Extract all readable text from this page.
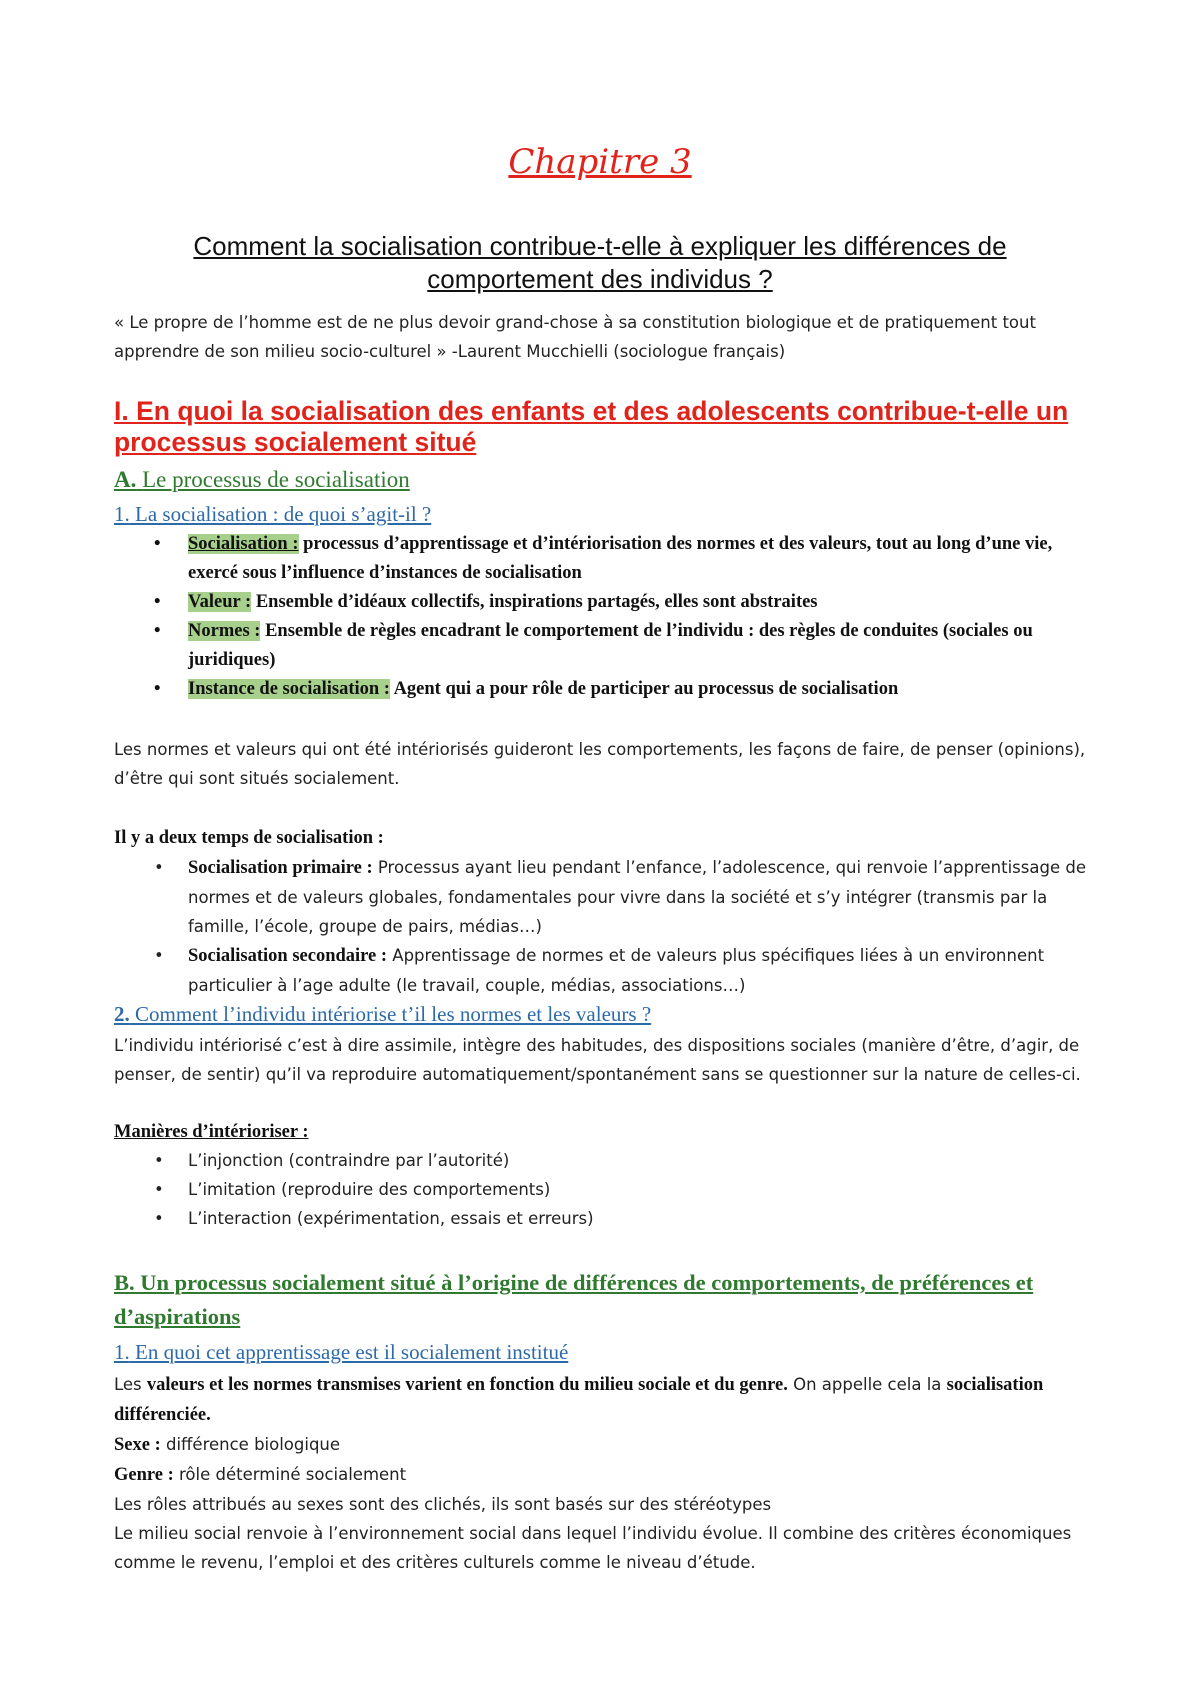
Chapitre 3
Comment la socialisation contribue-t-elle à expliquer les différences de comportement des individus ?
« Le propre de l’homme est de ne plus devoir grand-chose à sa constitution biologique et de pratiquement tout apprendre de son milieu socio-culturel » -Laurent Mucchielli (sociologue français)
I. En quoi la socialisation des enfants et des adolescents contribue-t-elle un processus socialement situé
A. Le processus de socialisation
1. La socialisation : de quoi s’agit-il ?
• Socialisation : processus d’apprentissage et d’intériorisation des normes et des valeurs, tout au long d’une vie, exercé sous l’influence d’instances de socialisation
• Valeur : Ensemble d’idéaux collectifs, inspirations partagés, elles sont abstraites
• Normes : Ensemble de règles encadrant le comportement de l’individu : des règles de conduites (sociales ou juridiques)
• Instance de socialisation : Agent qui a pour rôle de participer au processus de socialisation
Les normes et valeurs qui ont été intériorisés guideront les comportements, les façons de faire, de penser (opinions), d’être qui sont situés socialement.
Il y a deux temps de socialisation :
• Socialisation primaire : Processus ayant lieu pendant l’enfance, l’adolescence, qui renvoie l’apprentissage de normes et de valeurs globales, fondamentales pour vivre dans la société et s’y intégrer (transmis par la famille, l’école, groupe de pairs, médias…)
• Socialisation secondaire : Apprentissage de normes et de valeurs plus spécifiques liées à un environnent particulier à l’age adulte (le travail, couple, médias, associations…)
2. Comment l’individu intériorise t’il les normes et les valeurs ?
L’individu intériorisé c’est à dire assimile, intègre des habitudes, des dispositions sociales (manière d’être, d’agir, de penser, de sentir) qu’il va reproduire automatiquement/spontanément sans se questionner sur la nature de celles-ci.
Manières d’intérioriser :
• L’injonction (contraindre par l’autorité)
• L’imitation (reproduire des comportements)
• L’interaction (expérimentation, essais et erreurs)
B. Un processus socialement situé à l’origine de différences de comportements, de préférences et d’aspirations
1. En quoi cet apprentissage est il socialement institué
Les valeurs et les normes transmises varient en fonction du milieu sociale et du genre. On appelle cela la socialisation différenciée.
Sexe : différence biologique
Genre : rôle déterminé socialement
Les rôles attribués au sexes sont des clichés, ils sont basés sur des stéréotypes
Le milieu social renvoie à l’environnement social dans lequel l’individu évolue. Il combine des critères économiques comme le revenu, l’emploi et des critères culturels comme le niveau d’étude.
